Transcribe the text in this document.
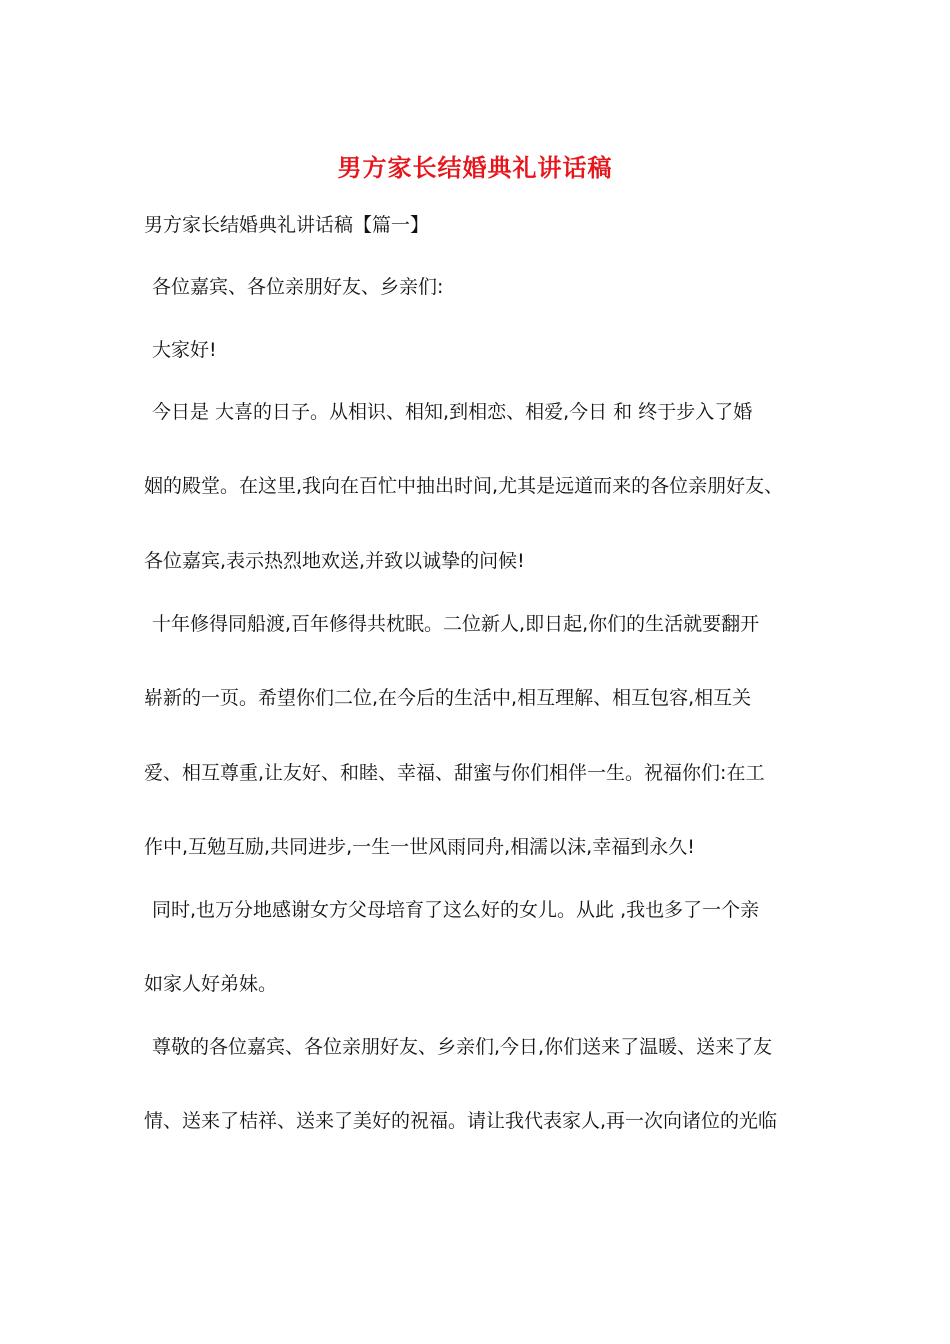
男方家长结婚典礼讲话稿
男方家长结婚典礼讲话稿【篇一】
各位嘉宾、各位亲朋好友、乡亲们:
大家好!
今日是 大喜的日子。从相识、相知,到相恋、相爱,今日 和 终于步入了婚
姻的殿堂。在这里,我向在百忙中抽出时间,尤其是远道而来的各位亲朋好友、
各位嘉宾,表示热烈地欢送,并致以诚挚的问候!
十年修得同船渡,百年修得共枕眠。二位新人,即日起,你们的生活就要翻开
崭新的一页。希望你们二位,在今后的生活中,相互理解、相互包容,相互关
爱、相互尊重,让友好、和睦、幸福、甜蜜与你们相伴一生。祝福你们:在工
作中,互勉互励,共同进步,一生一世风雨同舟,相濡以沫,幸福到永久!
同时,也万分地感谢女方父母培育了这么好的女儿。从此 ,我也多了一个亲
如家人好弟妹。
尊敬的各位嘉宾、各位亲朋好友、乡亲们,今日,你们送来了温暖、送来了友
情、送来了桔祥、送来了美好的祝福。请让我代表家人,再一次向诸位的光临
